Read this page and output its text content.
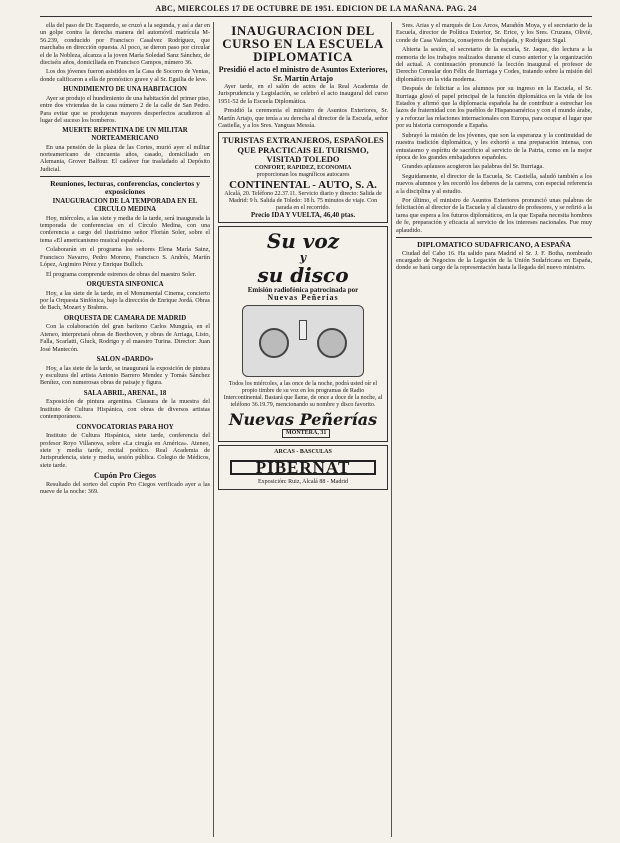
ABC, MIERCOLES 17 DE OCTUBRE DE 1951. EDICION DE LA MAÑANA. PAG. 24

ella del paso de Dr. Esquerdo, se cruzó a la segunda, y así a dar en un golpe contra la derecha manera del automóvil matrícula M-56.239, conducido por Francisco Casalvez Rodríguez, que marchaba en dirección opuesta. Al poco, se dieron paso por circular el de la Nobleza, alcanza a la joven María Soledad Sanz Sánchez, de dieciséis años, domiciliada en Francisco Campos, número 36.

Los dos jóvenes fueron asistidos en la Casa de Socorro de Ventas, donde calificaron a ella de pronóstico grave y al Sr. Eguilia de leve.

HUNDIMIENTO DE UNA HABITACION

Ayer se produjo el hundimiento de una habitación del primer piso, entre dos viviendas de la casa número 2 de la calle de San Pedro. Para evitar que se produjeran mayores desperfectos acudieron al lugar del suceso los bomberos.

MUERTE REPENTINA DE UN MILITAR NORTEAMERICANO

En una pensión de la plaza de las Cortes, murió ayer el militar norteamericano de cincuenta años, casado, domiciliado en Alemania, Grover Balfour. El cadáver fue trasladado al Depósito Judicial.

Reuniones, lecturas, conferencias, conciertos y exposiciones
INAUGURACION DE LA TEMPORADA EN EL CIRCULO MEDINA

Hoy, miércoles, a las siete y media de la tarde, será inaugurada la temporada de conferencias en el Círculo Medina, con una conferencia a cargo del ilustrísimo señor Florián Soler, sobre el tema «El americanismo musical español».

Colaborarán en el programa los señores Elena María Sainz, Francisco Navarro, Pedro Moreno, Francisco S. Andrés, Martín López, Argimiro Pérez y Enrique Bullich.

El programa comprende estrenos de obras del maestro Soler.

ORQUESTA SINFONICA

Hoy, a las siete de la tarde, en el Monumental Cinema, concierto por la Orquesta Sinfónica, bajo la dirección de Enrique Jordá. Obras de Bach, Mozart y Brahms.

ORQUESTA DE CAMARA DE MADRID

Con la colaboración del gran barítono Carlos Munguía, en el Ateneo, interpretará obras de Beethoven, y obras de Arriaga, Listo, Falla, Scarlatti, Gluck, Rodrigo y el maestro Turina. Director: Juan José Mantecón.

SALON «DARDO»

Hoy, a las siete de la tarde, se inaugurará la exposición de pintura y escultura del artista Antonio Barrero Mendez y Tomás Sánchez Benítez, con numerosas obras de paisaje y figura.

SALA ABRIL, ARENAL, 18

Exposición de pintura argentina. Clausura de la muestra del Instituto de Cultura Hispánica, con obras de diversos artistas contemporáneos.

CONVOCATORIAS PARA HOY

Instituto de Cultura Hispánica, siete tarde, conferencia del profesor Royo Villanova, sobre «La cirugía en América». Ateneo, siete y media tarde, recital poético. Real Academia de Jurisprudencia, siete y media, sesión pública. Colegio de Médicos, siete tarde.

Cupón Pro Ciegos

Resultado del sorteo del cupón Pro Ciegos verificado ayer a las nueve de la noche: 369.

INAUGURACION DEL CURSO EN LA ESCUELA DIPLOMATICA
Presidió el acto el ministro de Asuntos Exteriores, Sr. Martín Artajo

Ayer tarde, en el salón de actos de la Real Academia de Jurisprudencia y Legislación, se celebró el acto inaugural del curso 1951-52 de la Escuela Diplomática.

Presidió la ceremonia el ministro de Asuntos Exteriores, Sr. Martín Artajo, que tenía a su derecha al director de la Escuela, señor Castiella, y a los Sres. Yanguas Messía.

TURISTAS EXTRANJEROS, ESPAÑOLES QUE PRACTICAIS EL TURISMO, VISITAD TOLEDO
CONFORT, RAPIDEZ, ECONOMIA
proporcionan los magníficos autocares
CONTINENTAL - AUTO, S. A.
Alcalá, 20. Teléfono 22.37.11. Servicio diario y directo: Salida de Madrid: 9 h. Salida de Toledo: 18 h. 75 minutos de viaje. Con parada en el recorrido.
Precio IDA Y VUELTA, 46,40 ptas.
Su voz
y
su disco
Emisión radiofónica patrocinada por
Nuevas Peñerías
Todos los miércoles, a las once de la noche, podrá usted oír el propio timbre de su voz en los programas de Radio Intercontinental. Bastará que llame, de once a doce de la noche, al teléfono 36.19.79, mencionando su nombre y disco favorito.
Nuevas Peñerías
MONTERA, 31
ARCAS - BASCULAS
PIBERNAT
Exposición: Ruiz, Alcalá 88 - Madrid

Sres. Arias y el marqués de Los Arcos, Marañón Moya, y el secretario de la Escuela, director de Política Exterior, Sr. Erice, y los Sres. Cruzans, Olivié, conde de Casa Valencia, consejeros de Embajada, y Rodríguez Sigal.

Abierta la sesión, el secretario de la escuela, Sr. Jaque, dio lectura a la memoria de los trabajos realizados durante el curso anterior y la organización del actual. A continuación pronunció la lección inaugural el profesor de Derecho Consular don Félix de Iturriaga y Codes, tratando sobre la misión del diplomático en la vida moderna.

Después de felicitar a los alumnos por su ingreso en la Escuela, el Sr. Iturriaga glosó el papel principal de la función diplomática en la vida de los Estados y afirmó que la diplomacia española ha de contribuir a estrechar los lazos de fraternidad con los pueblos de Hispanoamérica y con el mundo árabe, y a reforzar las relaciones internacionales con Europa, para ocupar el lugar que por su historia corresponde a España.

Subrayó la misión de los jóvenes, que son la esperanza y la continuidad de nuestra tradición diplomática, y les exhortó a una preparación intensa, con entusiasmo y espíritu de sacrificio al servicio de la Patria, como en la mejor época de los grandes embajadores españoles.

Grandes aplausos acogieron las palabras del Sr. Iturriaga.

Seguidamente, el director de la Escuela, Sr. Castiella, saludó también a los nuevos alumnos y les recordó los deberes de la carrera, con especial referencia a la disciplina y al estudio.

Por último, el ministro de Asuntos Exteriores pronunció unas palabras de felicitación al director de la Escuela y al claustro de profesores, y se refirió a la tarea que espera a los futuros diplomáticos, en la que España necesita hombres de fe, preparación y eficacia al servicio de los intereses nacionales. Fue muy aplaudido.

DIPLOMATICO SUDAFRICANO, A ESPAÑA

Ciudad del Cabo 16. Ha salido para Madrid el Sr. J. F. Botha, nombrado encargado de Negocios de la Legación de la Unión Sudafricana en España, donde se hará cargo de la representación hasta la llegada del nuevo ministro.
